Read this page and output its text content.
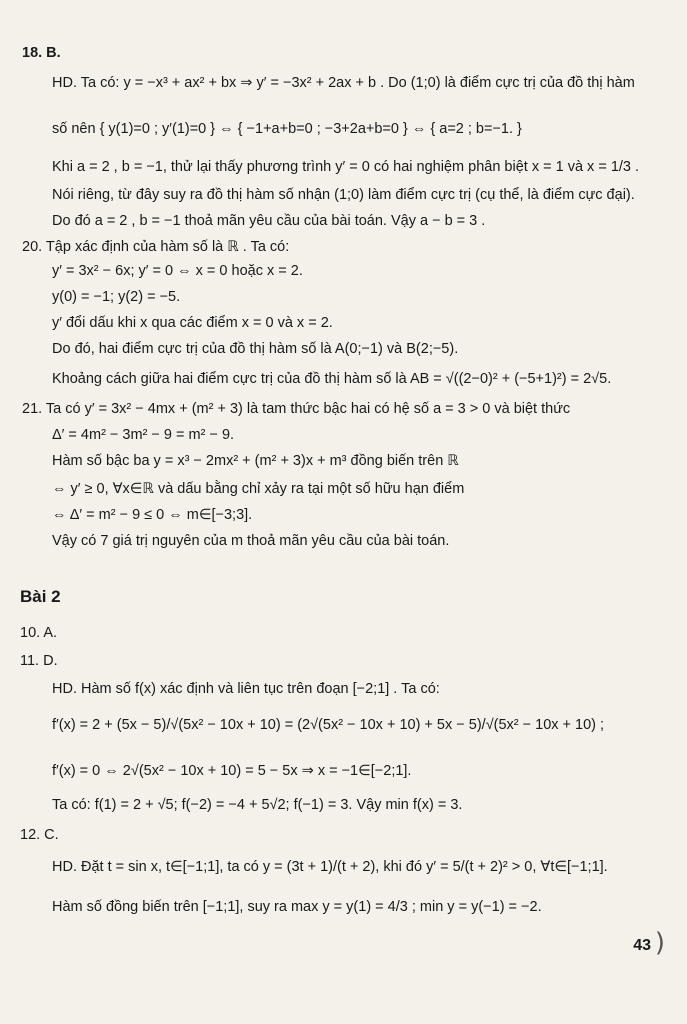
18. B.
HD. Ta có: y = −x³ + ax² + bx ⇒ y′ = −3x² + 2ax + b . Do (1;0) là điểm cực trị của đồ thị hàm
số nên { y(1)=0 ; y′(1)=0 } ⇔ { −1+a+b=0 ; −3+2a+b=0 } ⇔ { a=2 ; b=−1. }
Khi a = 2 , b = −1, thử lại thấy phương trình y′ = 0 có hai nghiệm phân biệt x = 1 và x = 1/3 .
Nói riêng, từ đây suy ra đồ thị hàm số nhận (1;0) làm điểm cực trị (cụ thể, là điểm cực đại).
Do đó a = 2 , b = −1 thoả mãn yêu cầu của bài toán. Vậy a − b = 3 .
20. Tập xác định của hàm số là ℝ . Ta có:
y′ = 3x² − 6x; y′ = 0 ⇔ x = 0 hoặc x = 2.
y(0) = −1; y(2) = −5.
y′ đổi dấu khi x qua các điểm x = 0 và x = 2.
Do đó, hai điểm cực trị của đồ thị hàm số là A(0;−1) và B(2;−5).
Khoảng cách giữa hai điểm cực trị của đồ thị hàm số là AB = √((2−0)² + (−5+1)²) = 2√5.
21. Ta có y′ = 3x² − 4mx + (m² + 3) là tam thức bậc hai có hệ số a = 3 > 0 và biệt thức
Δ′ = 4m² − 3m² − 9 = m² − 9.
Hàm số bậc ba y = x³ − 2mx² + (m² + 3)x + m³ đồng biến trên ℝ
⇔ y′ ≥ 0, ∀x∈ℝ và dấu bằng chỉ xảy ra tại một số hữu hạn điểm
⇔ Δ′ = m² − 9 ≤ 0 ⇔ m∈[−3;3].
Vậy có 7 giá trị nguyên của m thoả mãn yêu cầu của bài toán.
Bài 2
10. A.
11. D.
HD. Hàm số f(x) xác định và liên tục trên đoạn [−2;1] . Ta có:
f′(x) = 2 + (5x − 5)/√(5x² − 10x + 10) = (2√(5x² − 10x + 10) + 5x − 5)/√(5x² − 10x + 10) ;
f′(x) = 0 ⇔ 2√(5x² − 10x + 10) = 5 − 5x ⇒ x = −1∈[−2;1].
Ta có: f(1) = 2 + √5; f(−2) = −4 + 5√2; f(−1) = 3. Vậy min f(x) = 3.
12. C.
HD. Đặt t = sin x, t∈[−1;1], ta có y = (3t + 1)/(t + 2), khi đó y′ = 5/(t + 2)² > 0, ∀t∈[−1;1].
Hàm số đồng biến trên [−1;1], suy ra max y = y(1) = 4/3 ; min y = y(−1) = −2.
43 )
